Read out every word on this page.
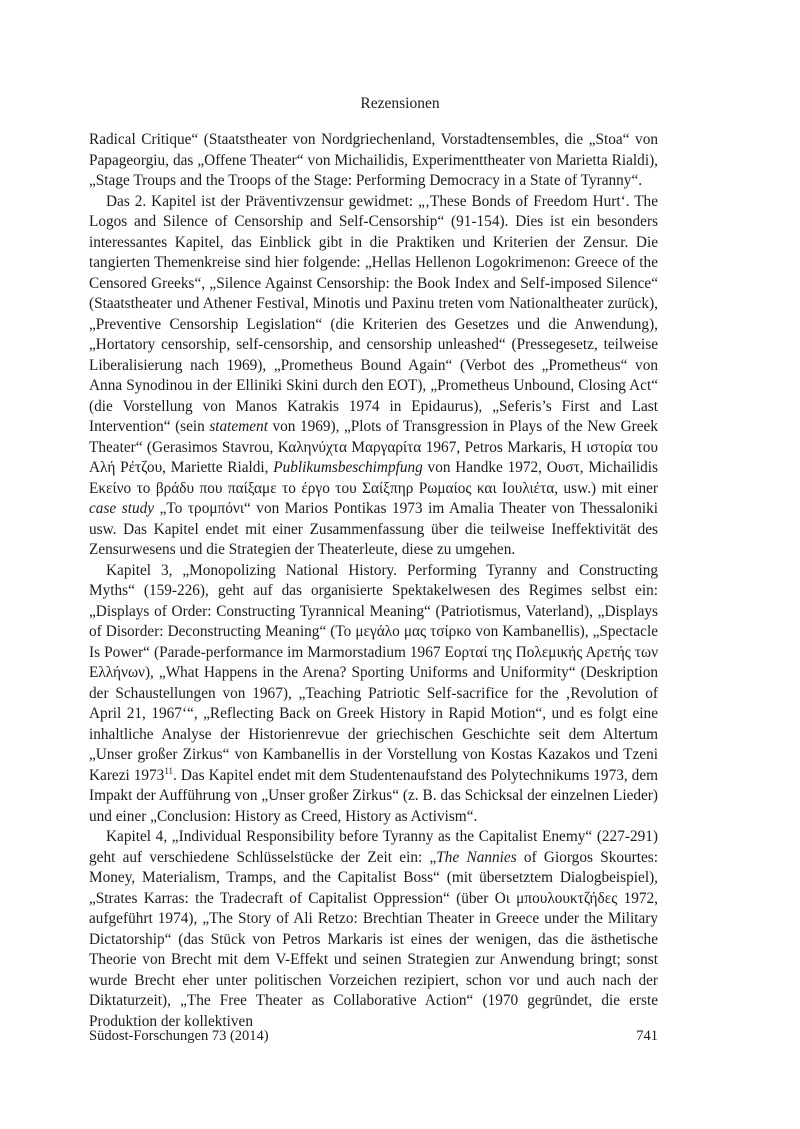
Rezensionen

Radical Critique“ (Staatstheater von Nordgriechenland, Vorstadtensembles, die „Stoa“ von Papageorgiu, das „Offene Theater“ von Michailidis, Experimenttheater von Marietta Rialdi), „Stage Troups and the Troops of the Stage: Performing Democracy in a State of Tyranny“.

Das 2. Kapitel ist der Präventivzensur gewidmet: „‚These Bonds of Freedom Hurt‘. The Logos and Silence of Censorship and Self-Censorship“ (91-154). Dies ist ein besonders interessantes Kapitel, das Einblick gibt in die Praktiken und Kriterien der Zensur. Die tangierten Themenkreise sind hier folgende: „Hellas Hellenon Logokrimenon: Greece of the Censored Greeks“, „Silence Against Censorship: the Book Index and Self-imposed Silence“ (Staatstheater und Athener Festival, Minotis und Paxinu treten vom Nationaltheater zurück), „Preventive Censorship Legislation“ (die Kriterien des Gesetzes und die Anwendung), „Hortatory censorship, self-censorship, and censorship unleashed“ (Pressegesetz, teilweise Liberalisierung nach 1969), „Prometheus Bound Again“ (Verbot des „Prometheus“ von Anna Synodinou in der Elliniki Skini durch den EOT), „Prometheus Unbound, Closing Act“ (die Vorstellung von Manos Katrakis 1974 in Epidaurus), „Seferis’s First and Last Intervention“ (sein statement von 1969), „Plots of Transgression in Plays of the New Greek Theater“ (Gerasimos Stavrou, Καληνύχτα Μαργαρίτα 1967, Petros Markaris, Η ιστορία του Αλή Ρέτζου, Mariette Rialdi, Publikumsbeschimpfung von Handke 1972, Ουστ, Michailidis Εκείνο το βράδυ που παίξαμε το έργο του Σαίξπηρ Ρωμαίος και Ιουλιέτα, usw.) mit einer case study „Το τρομπόνι“ von Marios Pontikas 1973 im Amalia Theater von Thessaloniki usw. Das Kapitel endet mit einer Zusammenfassung über die teilweise Ineffektivität des Zensurwesens und die Strategien der Theaterleute, diese zu umgehen.

Kapitel 3, „Monopolizing National History. Performing Tyranny and Constructing Myths“ (159-226), geht auf das organisierte Spektakelwesen des Regimes selbst ein: „Displays of Order: Constructing Tyrannical Meaning“ (Patriotismus, Vaterland), „Displays of Disorder: Deconstructing Meaning“ (Το μεγάλο μας τσίρκο von Kambanellis), „Spectacle Is Power“ (Parade-performance im Marmorstadium 1967 Εορταί της Πολεμικής Αρετής των Ελλήνων), „What Happens in the Arena? Sporting Uniforms and Uniformity“ (Deskription der Schaustellungen von 1967), „Teaching Patriotic Self-sacrifice for the ‚Revolution of April 21, 1967‘“, „Reflecting Back on Greek History in Rapid Motion“, und es folgt eine inhaltliche Analyse der Historienrevue der griechischen Geschichte seit dem Altertum „Unser großer Zirkus“ von Kambanellis in der Vorstellung von Kostas Kazakos und Tzeni Karezi 1973$^{11}$. Das Kapitel endet mit dem Studentenaufstand des Polytechnikums 1973, dem Impakt der Aufführung von „Unser großer Zirkus“ (z. B. das Schicksal der einzelnen Lieder) und einer „Conclusion: History as Creed, History as Activism“.

Kapitel 4, „Individual Responsibility before Tyranny as the Capitalist Enemy“ (227-291) geht auf verschiedene Schlüsselstücke der Zeit ein: „The Nannies of Giorgos Skourtes: Money, Materialism, Tramps, and the Capitalist Boss“ (mit übersetztem Dialogbeispiel), „Strates Karras: the Tradecraft of Capitalist Oppression“ (über Οι μπουλουκτζήδες 1972, aufgeführt 1974), „The Story of Ali Retzo: Brechtian Theater in Greece under the Military Dictatorship“ (das Stück von Petros Markaris ist eines der wenigen, das die ästhetische Theorie von Brecht mit dem V-Effekt und seinen Strategien zur Anwendung bringt; sonst wurde Brecht eher unter politischen Vorzeichen rezipiert, schon vor und auch nach der Diktaturzeit), „The Free Theater as Collaborative Action“ (1970 gegründet, die erste Produktion der kollektiven

Südost-Forschungen 73 (2014)	741
